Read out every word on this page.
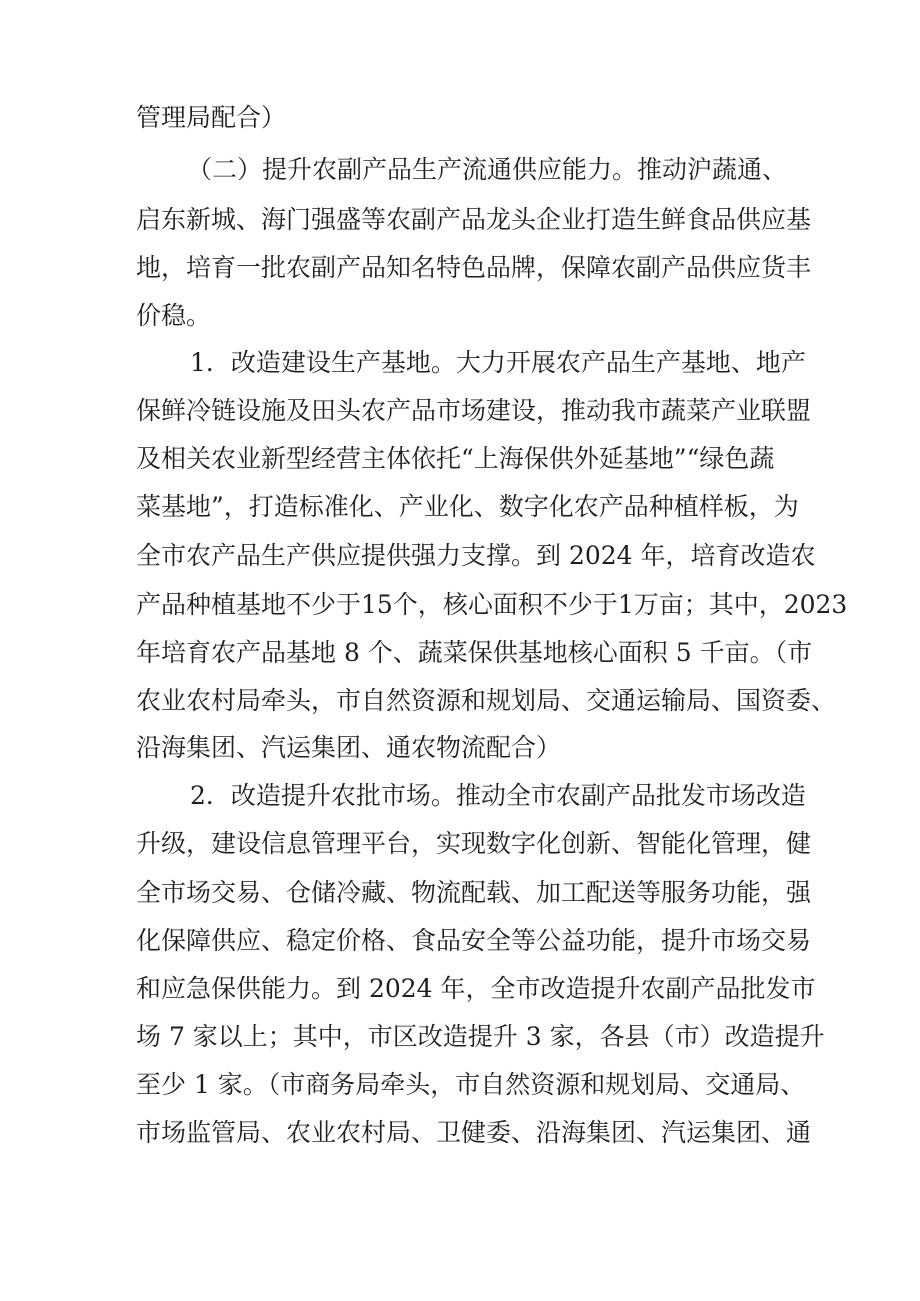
管理局配合）

（二）提升农副产品生产流通供应能力。推动沪蔬通、

启东新城、海门强盛等农副产品龙头企业打造生鲜食品供应基

地，培育一批农副产品知名特色品牌，保障农副产品供应货丰

价稳。

1．改造建设生产基地。大力开展农产品生产基地、地产

保鲜冷链设施及田头农产品市场建设，推动我市蔬菜产业联盟

及相关农业新型经营主体依托“上海保供外延基地”“绿色蔬

菜基地”，打造标准化、产业化、数字化农产品种植样板，为

全市农产品生产供应提供强力支撑。到 2024 年，培育改造农

产品种植基地不少于15个，核心面积不少于1万亩；其中，2023

年培育农产品基地 8 个、蔬菜保供基地核心面积 5 千亩。（市

农业农村局牵头，市自然资源和规划局、交通运输局、国资委、

沿海集团、汽运集团、通农物流配合）

2．改造提升农批市场。推动全市农副产品批发市场改造

升级，建设信息管理平台，实现数字化创新、智能化管理，健

全市场交易、仓储冷藏、物流配载、加工配送等服务功能，强

化保障供应、稳定价格、食品安全等公益功能，提升市场交易

和应急保供能力。到 2024 年，全市改造提升农副产品批发市

场 7 家以上；其中，市区改造提升 3 家，各县（市）改造提升

至少 1 家。（市商务局牵头，市自然资源和规划局、交通局、

市场监管局、农业农村局、卫健委、沿海集团、汽运集团、通
